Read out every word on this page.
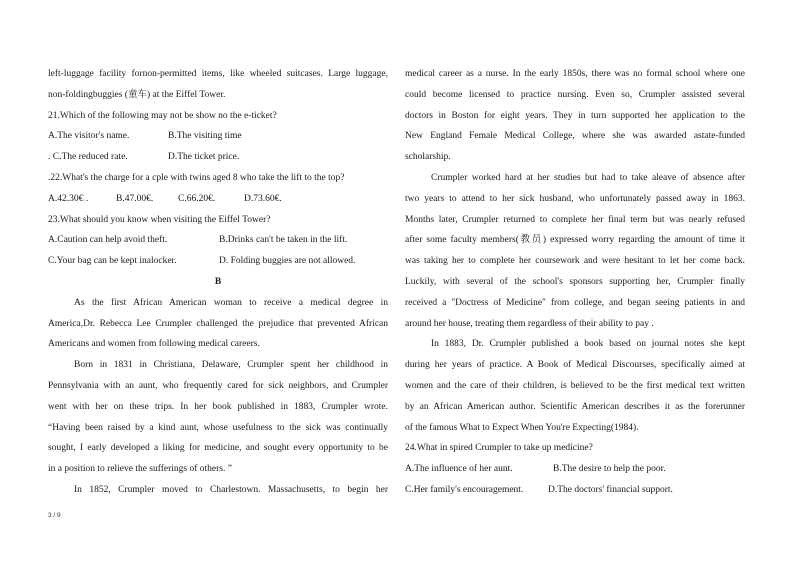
left-luggage facility fornon-permitted items, like wheeled suitcases. Large luggage,
non-foldingbuggies (童车) at the Eiffel Tower.
21.Which of the following may not be show no the e-ticket?
A.The visitor's name.	B.The visiting time
. C.The reduced rate.	D.The ticket price.
.22.What's the charge for a cple with twins aged 8 who take the lift to the top?
A.42.30€ .	B.47.00€.	C.66.20€.	D.73.60€.
23.What should you know when visiting the Eiffel Tower?
A.Caution can help avoid theft.	B.Drinks can't be taken in the lift.
C.Your bag can be kept inalocker.	D. Folding buggies are not allowed.
B
As the first African American woman to receive a medical degree in
America,Dr. Rebecca Lee Crumpler challenged the prejudice that prevented African
Americans and women from following medical careers.
Born in 1831 in Christiana, Delaware, Crumpler spent her childhood in
Pennsylvania with an aunt, who frequently cared for sick neighbors, and Crumpler
went with her on these trips. In her book published in 1883, Crumpler wrote.
“Having been raised by a kind aunt, whose usefulness to the sick was continually
sought, I early developed a liking for medicine, and sought every opportunity to be
in a position to relieve the sufferings of others. ”
In 1852, Crumpler moved to Charlestown. Massachusetts, to begin her
medical career as a nurse. In the early 1850s, there was no formal school where one
could become licensed to practice nursing. Even so, Crumpler assisted several
doctors in Boston for eight years. They in turn supported her application to the
New England Female Medical College, where she was awarded astate-funded
scholarship.
Crumpler worked hard at her studies but had to take aleave of absence after
two years to attend to her sick husband, who unfortunately passed away in 1863.
Months later, Crumpler returned to complete her final term but was nearly refused
after some faculty members(教员) expressed worry regarding the amount of time it
was taking her to complete her coursework and were hesitant to let her come back.
Luckily, with several of the school's sponsors supporting her, Crumpler finally
received a "Doctress of Medicine" from college, and began seeing patients in and
around her house, treating them regardless of their ability to pay .
In 1883, Dr. Crumpler published a book based on journal notes she kept
during her years of practice. A Book of Medical Discourses, specifically aimed at
women and the care of their children, is believed to be the first medical text written
by an African American author. Scientific American describes it as the forerunner
of the famous What to Expect When You're Expecting(1984).
24.What in spired Crumpler to take up medicine?
A.The influence of her aunt.	B.The desire to help the poor.
C.Her family's encouragement.	D.The doctors' financial support.
3 / 9
